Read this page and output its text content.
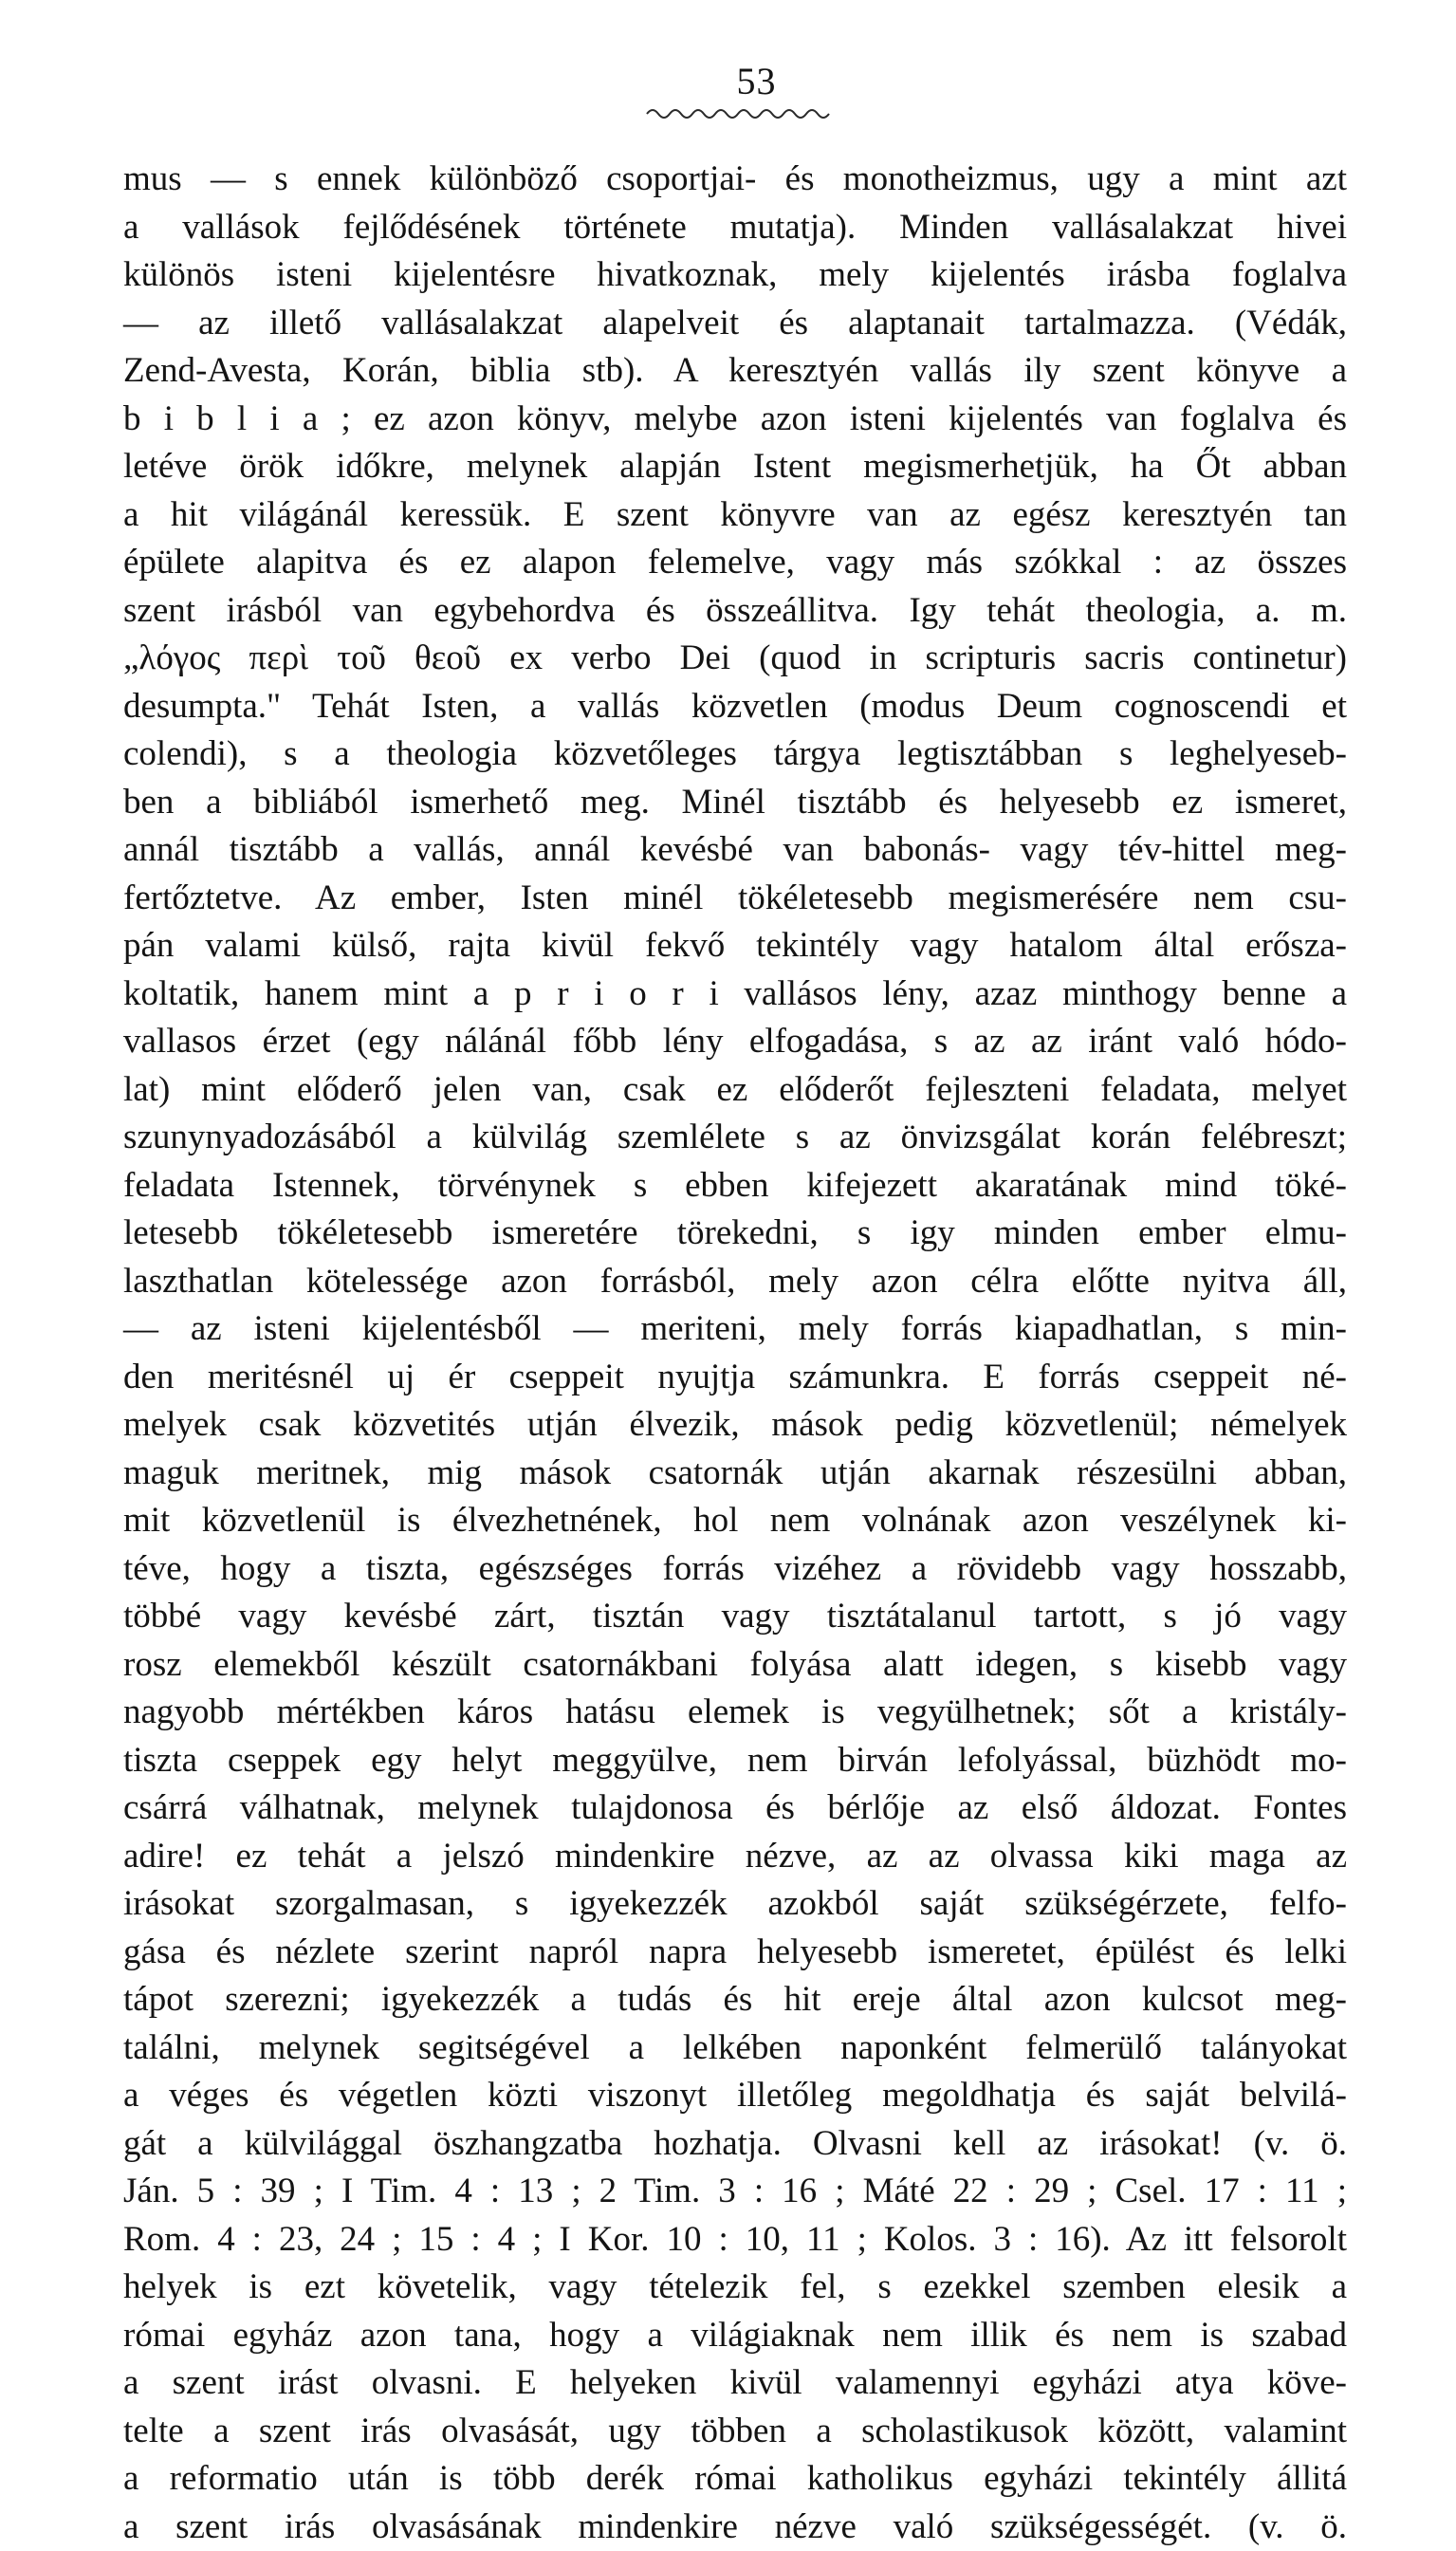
53
mus — s ennek különböző csoportjai- és monotheizmus, ugy a mint azt
a vallások fejlődésének története mutatja). Minden vallásalakzat hivei
különös isteni kijelentésre hivatkoznak, mely kijelentés irásba foglalva
— az illető vallásalakzat alapelveit és alaptanait tartalmazza. (Védák,
Zend-Avesta, Korán, biblia stb). A keresztyén vallás ily szent könyve a
b i b l i a ; ez azon könyv, melybe azon isteni kijelentés van foglalva és
letéve örök időkre, melynek alapján Istent megismerhetjük, ha Őt abban
a hit világánál keressük. E szent könyvre van az egész keresztyén tan
épülete alapitva és ez alapon felemelve, vagy más szókkal : az összes
szent irásból van egybehordva és összeállitva. Igy tehát theologia, a. m.
„λόγος περὶ τοῦ θεοῦ ex verbo Dei (quod in scripturis sacris continetur)
desumpta." Tehát Isten, a vallás közvetlen (modus Deum cognoscendi et
colendi), s a theologia közvetőleges tárgya legtisztábban s leghelyeseb-
ben a bibliából ismerhető meg. Minél tisztább és helyesebb ez ismeret,
annál tisztább a vallás, annál kevésbé van babonás- vagy tév-hittel meg-
fertőztetve. Az ember, Isten minél tökéletesebb megismerésére nem csu-
pán valami külső, rajta kivül fekvő tekintély vagy hatalom által erősza-
koltatik, hanem mint a p r i o r i vallásos lény, azaz minthogy benne a
vallasos érzet (egy nálánál főbb lény elfogadása, s az az iránt való hódo-
lat) mint előderő jelen van, csak ez előderőt fejleszteni feladata, melyet
szunynyadozásából a külvilág szemlélete s az önvizsgálat korán felébreszt;
feladata Istennek, törvénynek s ebben kifejezett akaratának mind töké-
letesebb tökéletesebb ismeretére törekedni, s igy minden ember elmu-
laszthatlan kötelessége azon forrásból, mely azon célra előtte nyitva áll,
— az isteni kijelentésből — meriteni, mely forrás kiapadhatlan, s min-
den meritésnél uj ér cseppeit nyujtja számunkra. E forrás cseppeit né-
melyek csak közvetités utján élvezik, mások pedig közvetlenül; némelyek
maguk meritnek, mig mások csatornák utján akarnak részesülni abban,
mit közvetlenül is élvezhetnének, hol nem volnának azon veszélynek ki-
téve, hogy a tiszta, egészséges forrás vizéhez a rövidebb vagy hosszabb,
többé vagy kevésbé zárt, tisztán vagy tisztátalanul tartott, s jó vagy
rosz elemekből készült csatornákbani folyása alatt idegen, s kisebb vagy
nagyobb mértékben káros hatásu elemek is vegyülhetnek; sőt a kristály-
tiszta cseppek egy helyt meggyülve, nem birván lefolyással, büzhödt mo-
csárrá válhatnak, melynek tulajdonosa és bérlője az első áldozat. Fontes
adire! ez tehát a jelszó mindenkire nézve, az az olvassa kiki maga az
irásokat szorgalmasan, s igyekezzék azokból saját szükségérzete, felfo-
gása és nézlete szerint napról napra helyesebb ismeretet, épülést és lelki
tápot szerezni; igyekezzék a tudás és hit ereje által azon kulcsot meg-
találni, melynek segitségével a lelkében naponként felmerülő talányokat
a véges és végetlen közti viszonyt illetőleg megoldhatja és saját belvilá-
gát a külvilággal öszhangzatba hozhatja. Olvasni kell az irásokat! (v. ö.
Ján. 5 : 39 ; I Tim. 4 : 13 ; 2 Tim. 3 : 16 ; Máté 22 : 29 ; Csel. 17 : 11 ;
Rom. 4 : 23, 24 ; 15 : 4 ; I Kor. 10 : 10, 11 ; Kolos. 3 : 16). Az itt felsorolt
helyek is ezt követelik, vagy tételezik fel, s ezekkel szemben elesik a
római egyház azon tana, hogy a világiaknak nem illik és nem is szabad
a szent irást olvasni. E helyeken kivül valamennyi egyházi atya köve-
telte a szent irás olvasását, ugy többen a scholastikusok között, valamint
a reformatio után is több derék római katholikus egyházi tekintély állitá
a szent irás olvasásának mindenkire nézve való szükségességét. (v. ö.
